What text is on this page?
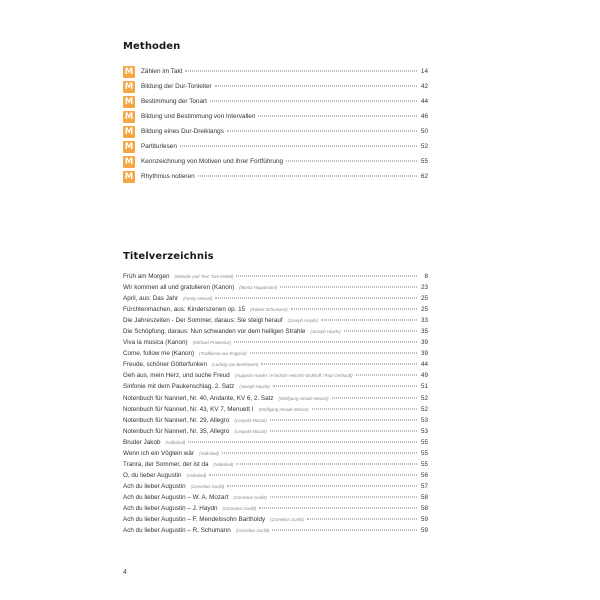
Methoden
M Zählen im Takt	14
M Bildung der Dur-Tonleiter	42
M Bestimmung der Tonart	44
M Bildung und Bestimmung von Intervallen	46
M Bildung eines Dur-Dreiklangs	50
M Partiturlesen	52
M Kennzeichnung von Motiven und ihrer Fortführung	55
M Rhythmus notieren	62
Titelverzeichnis
Früh am Morgen (Melodie und Text: Toni Knittel)	8
Wir kommen all und gratulieren (Kanon) (Moritz Hauptmann)	23
April, aus: Das Jahr (Fanny Hensel)	25
Fürchtenmachen, aus: Kinderszenen op. 15 (Robert Schumann)	25
Die Jahreszeiten - Der Sommer, daraus: Sie steigt herauf (Joseph Haydn)	33
Die Schöpfung, daraus: Nun schwanden vor dem heiligen Strahle (Joseph Haydn)	35
Viva la musica (Kanon) (Michael Praetorius)	39
Come, follow me (Kanon) (Traditional aus England)	39
Freude, schöner Götterfunken (Ludwig van Beethoven)	44
Geh aus, mein Herz, und suche Freud (Augustin Harder / Friedrich Heinrich Eickhoff / Paul Gerhardt)	49
Sinfonie mit dem Paukenschlag, 2. Satz (Joseph Haydn)	51
Notenbuch für Nannerl, Nr. 40, Andante, KV 6, 2. Satz (Wolfgang Amade Mozart)	52
Notenbuch für Nannerl, Nr. 43, KV 7, Menuett I (Wolfgang Amade Mozart)	52
Notenbuch für Nannerl, Nr. 29, Allegro (Leopold Mozart)	53
Notenbuch für Nannerl, Nr. 35, Allegro (Leopold Mozart)	53
Bruder Jakob (Volkslied)	55
Wenn ich ein Vöglein wär (Volkslied)	55
Tranra, der Sommer, der ist da (Volkslied)	55
O, du lieber Augustin (Volkslied)	56
Ach du lieber Augustin (Cornelius Gurlitt)	57
Ach du lieber Augustin – W. A. Mozart (Cornelius Gurlitt)	58
Ach du lieber Augustin – J. Haydn (Cornelius Gurlitt)	58
Ach du lieber Augustin – F. Mendelssohn Bartholdy (Cornelius Gurlitt)	59
Ach du lieber Augustin – R. Schumann (Cornelius Gurlitt)	59
4
